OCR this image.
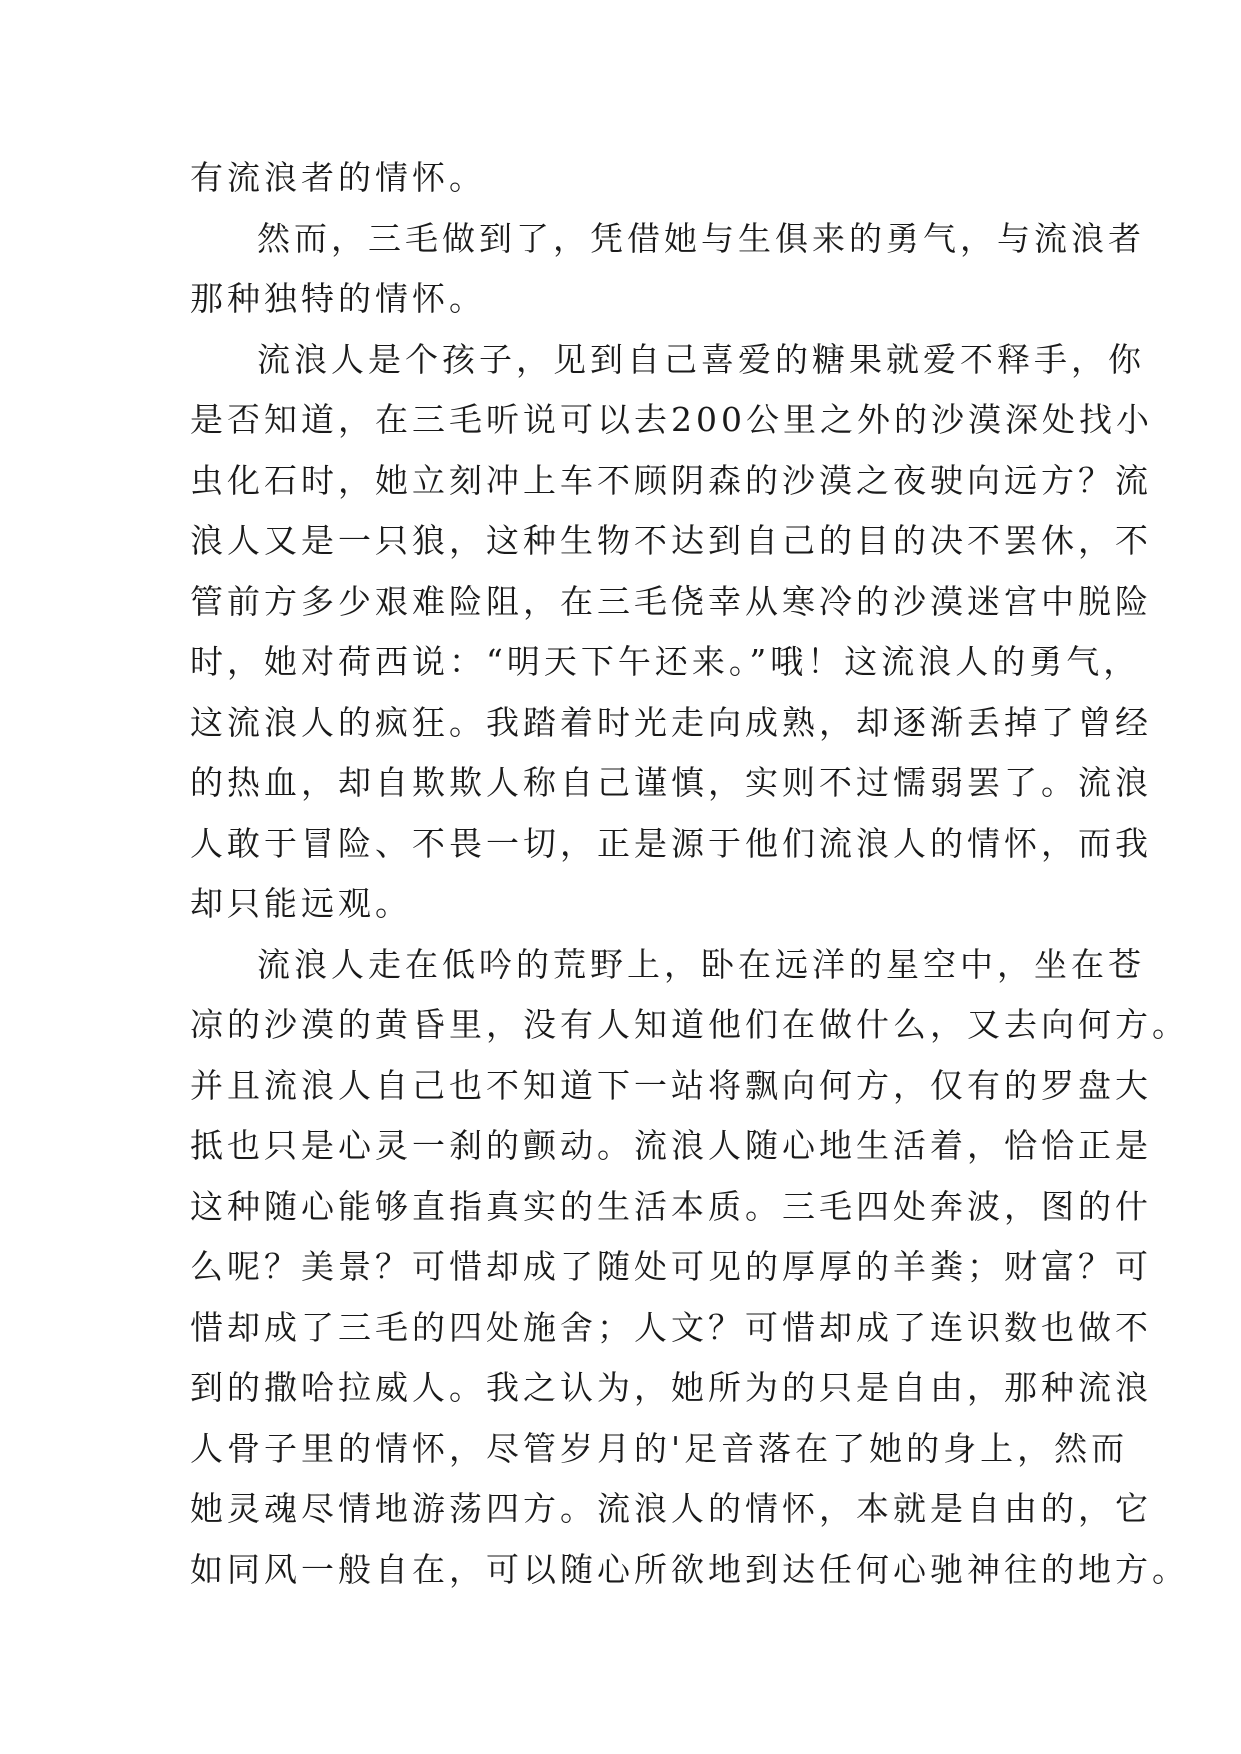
有流浪者的情怀。
然而，三毛做到了，凭借她与生俱来的勇气，与流浪者
那种独特的情怀。
流浪人是个孩子，见到自己喜爱的糖果就爱不释手，你
是否知道，在三毛听说可以去200公里之外的沙漠深处找小
虫化石时，她立刻冲上车不顾阴森的沙漠之夜驶向远方？流
浪人又是一只狼，这种生物不达到自己的目的决不罢休，不
管前方多少艰难险阻，在三毛侥幸从寒冷的沙漠迷宫中脱险
时，她对荷西说：“明天下午还来。”哦！这流浪人的勇气，
这流浪人的疯狂。我踏着时光走向成熟，却逐渐丢掉了曾经
的热血，却自欺欺人称自己谨慎，实则不过懦弱罢了。流浪
人敢于冒险、不畏一切，正是源于他们流浪人的情怀，而我
却只能远观。
流浪人走在低吟的荒野上，卧在远洋的星空中，坐在苍
凉的沙漠的黄昏里，没有人知道他们在做什么，又去向何方。
并且流浪人自己也不知道下一站将飘向何方，仅有的罗盘大
抵也只是心灵一刹的颤动。流浪人随心地生活着，恰恰正是
这种随心能够直指真实的生活本质。三毛四处奔波，图的什
么呢？美景？可惜却成了随处可见的厚厚的羊粪；财富？可
惜却成了三毛的四处施舍；人文？可惜却成了连识数也做不
到的撒哈拉威人。我之认为，她所为的只是自由，那种流浪
人骨子里的情怀，尽管岁月的'足音落在了她的身上，然而
她灵魂尽情地游荡四方。流浪人的情怀，本就是自由的，它
如同风一般自在，可以随心所欲地到达任何心驰神往的地方。
